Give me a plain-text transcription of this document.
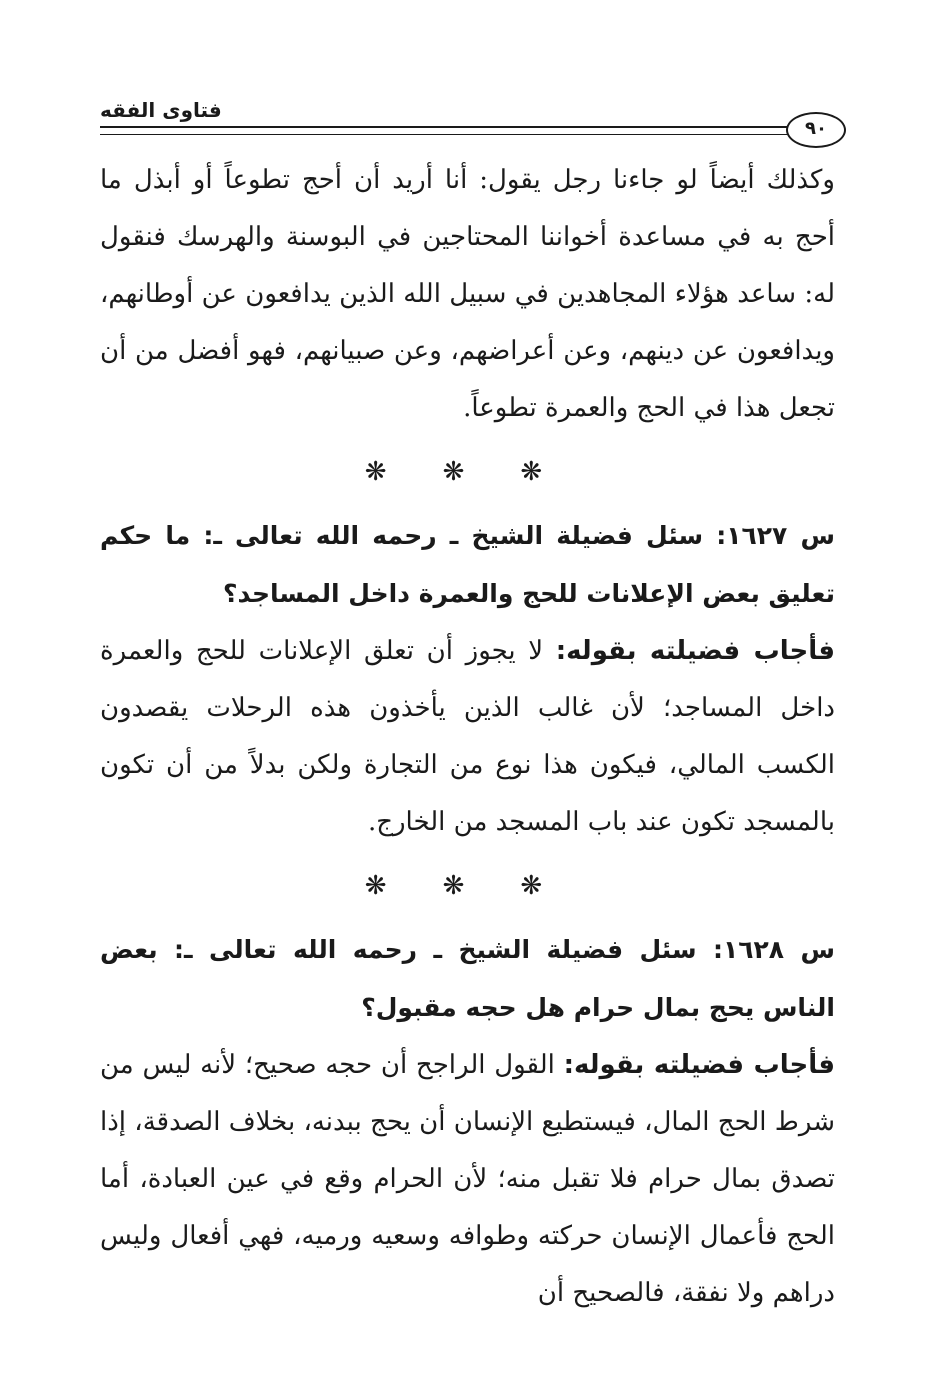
فتاوى الفقه
٩٠

وكذلك أيضاً لو جاءنا رجل يقول: أنا أريد أن أحج تطوعاً أو أبذل ما أحج به في مساعدة أخواننا المحتاجين في البوسنة والهرسك فنقول له: ساعد هؤلاء المجاهدين في سبيل الله الذين يدافعون عن أوطانهم، ويدافعون عن دينهم، وعن أعراضهم، وعن صبيانهم، فهو أفضل من أن تجعل هذا في الحج والعمرة تطوعاً.

❋ ❋ ❋

س ١٦٢٧: سئل فضيلة الشيخ ـ رحمه الله تعالى ـ: ما حكم تعليق بعض الإعلانات للحج والعمرة داخل المساجد؟

فأجاب فضيلته بقوله: لا يجوز أن تعلق الإعلانات للحج والعمرة داخل المساجد؛ لأن غالب الذين يأخذون هذه الرحلات يقصدون الكسب المالي، فيكون هذا نوع من التجارة ولكن بدلاً من أن تكون بالمسجد تكون عند باب المسجد من الخارج.

❋ ❋ ❋

س ١٦٢٨: سئل فضيلة الشيخ ـ رحمه الله تعالى ـ: بعض الناس يحج بمال حرام هل حجه مقبول؟

فأجاب فضيلته بقوله: القول الراجح أن حجه صحيح؛ لأنه ليس من شرط الحج المال، فيستطيع الإنسان أن يحج ببدنه، بخلاف الصدقة، إذا تصدق بمال حرام فلا تقبل منه؛ لأن الحرام وقع في عين العبادة، أما الحج فأعمال الإنسان حركته وطوافه وسعيه ورميه، فهي أفعال وليس دراهم ولا نفقة، فالصحيح أن
